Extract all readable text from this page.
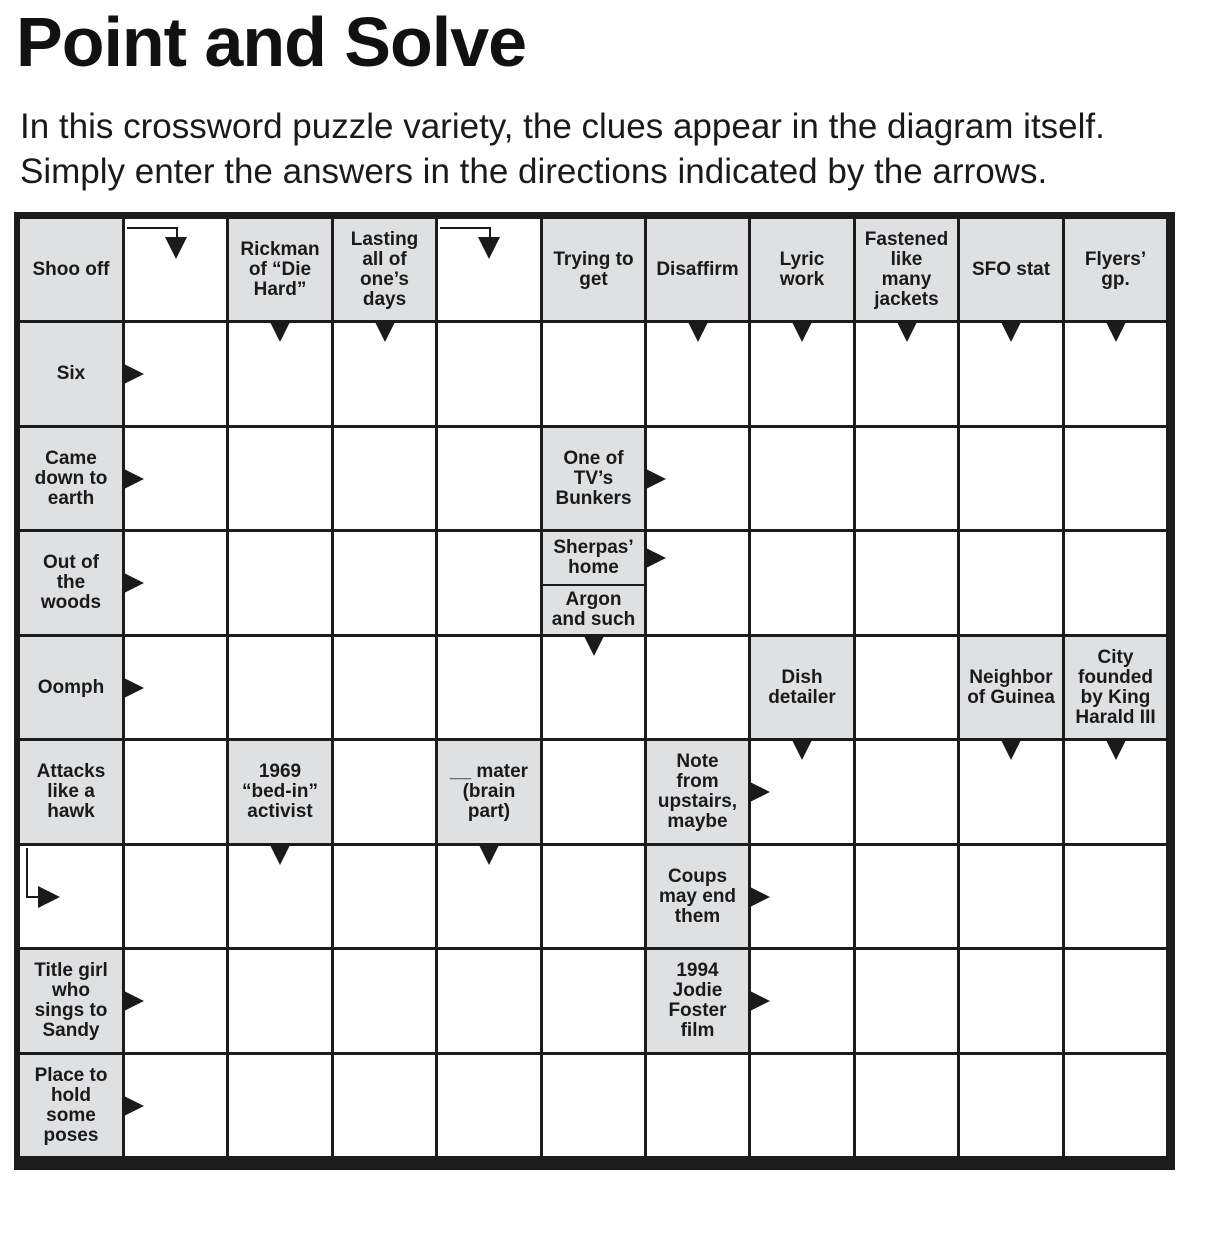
Point and Solve
In this crossword puzzle variety, the clues appear in the diagram itself.
Simply enter the answers in the directions indicated by the arrows.
Shoo off
Rickman
of “Die
Hard”
Lasting
all of
one’s
days
Trying to
get	Disaffirm Lyric
work
Fastened
like
many
jackets
SFO stat Flyers’
gp.
Six
Came
down to
earth
One of
TV’s
Bunkers
Out of
the
woods
Sherpas’
home
Argon
and such
Oomph	Dish
detailer
Neighbor
of Guinea
City
founded
by King
Harald III
Attacks
like a
hawk
1969
“bed-in”
activist
__ mater
(brain
part)
Note
from
upstairs,
maybe
Coups
may end
them
Title girl
who
sings to
Sandy
1994
Jodie
Foster
film
Place to
hold
some
poses
